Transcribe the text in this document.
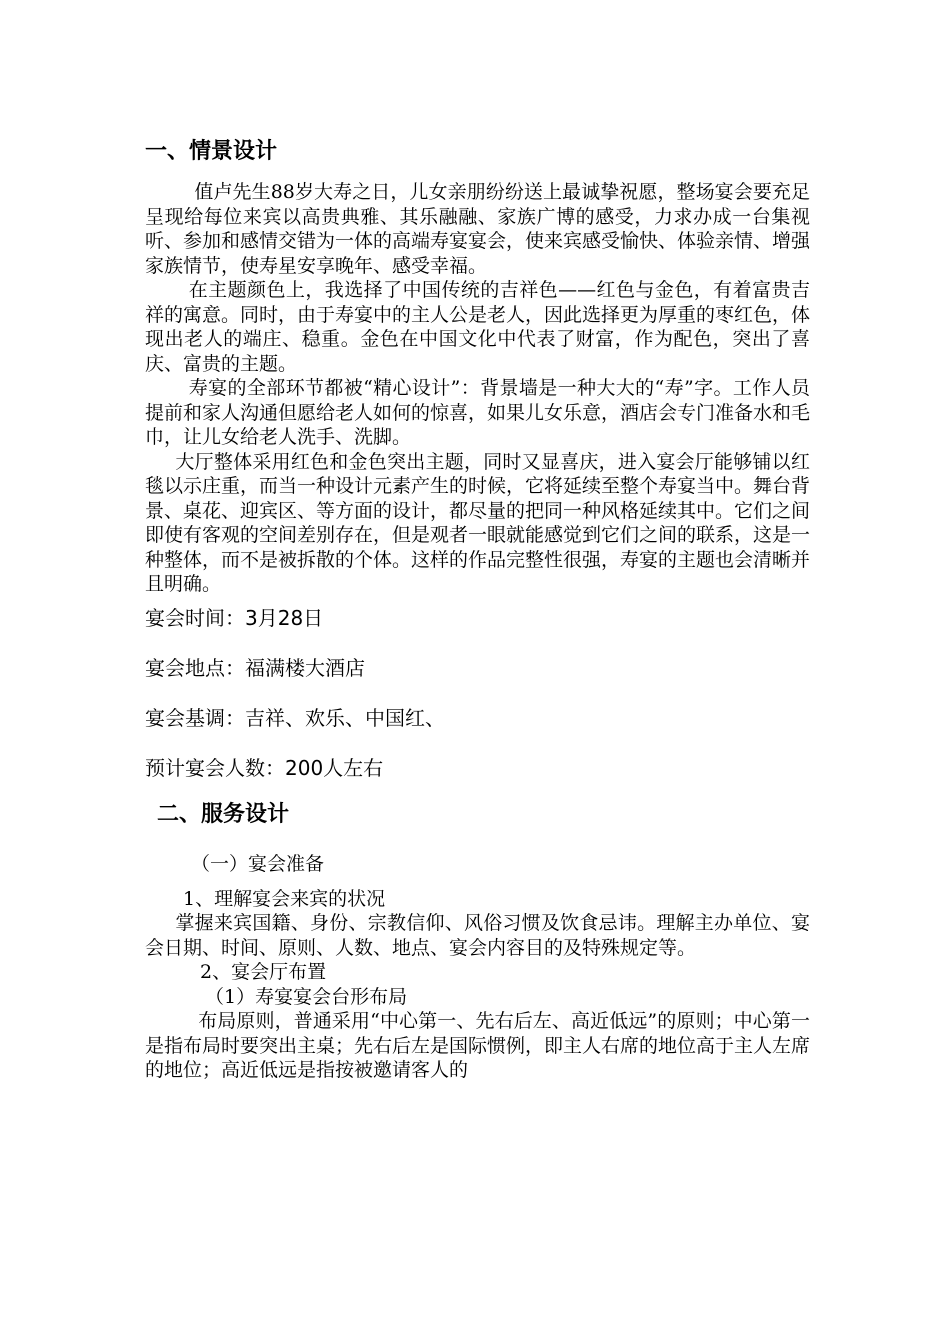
一、情景设计

值卢先生88岁大寿之日，儿女亲朋纷纷送上最诚挚祝愿，整场宴会要充足呈现给每位来宾以高贵典雅、其乐融融、家族广博的感受，力求办成一台集视听、参加和感情交错为一体的高端寿宴宴会，使来宾感受愉快、体验亲情、增强家族情节，使寿星安享晚年、感受幸福。

在主题颜色上，我选择了中国传统的吉祥色——红色与金色，有着富贵吉祥的寓意。同时，由于寿宴中的主人公是老人，因此选择更为厚重的枣红色，体现出老人的端庄、稳重。金色在中国文化中代表了财富，作为配色，突出了喜庆、富贵的主题。

寿宴的全部环节都被“精心设计”：背景墙是一种大大的“寿”字。工作人员提前和家人沟通但愿给老人如何的惊喜，如果儿女乐意，酒店会专门准备水和毛巾，让儿女给老人洗手、洗脚。

大厅整体采用红色和金色突出主题，同时又显喜庆，进入宴会厅能够铺以红毯以示庄重，而当一种设计元素产生的时候，它将延续至整个寿宴当中。舞台背景、桌花、迎宾区、等方面的设计，都尽量的把同一种风格延续其中。它们之间即使有客观的空间差别存在，但是观者一眼就能感觉到它们之间的联系，这是一种整体，而不是被拆散的个体。这样的作品完整性很强，寿宴的主题也会清晰并且明确。

宴会时间：3月28日

宴会地点：福满楼大酒店

宴会基调：吉祥、欢乐、中国红、

预计宴会人数：200人左右

二、服务设计

（一）宴会准备

1、理解宴会来宾的状况

掌握来宾国籍、身份、宗教信仰、风俗习惯及饮食忌讳。理解主办单位、宴会日期、时间、原则、人数、地点、宴会内容目的及特殊规定等。

2、宴会厅布置

（1）寿宴宴会台形布局

布局原则，普通采用“中心第一、先右后左、高近低远”的原则；中心第一是指布局时要突出主桌；先右后左是国际惯例，即主人右席的地位高于主人左席的地位；高近低远是指按被邀请客人的
